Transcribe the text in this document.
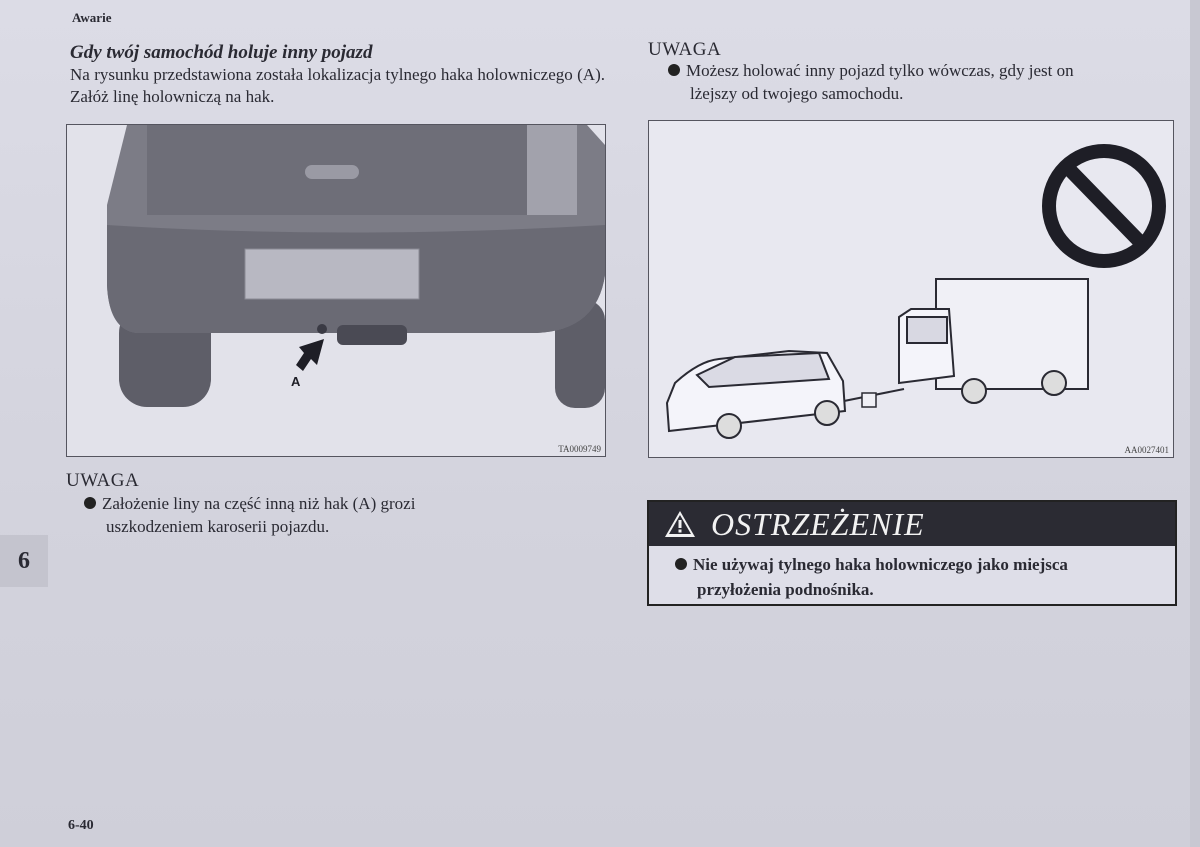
Awarie
Gdy twój samochód holuje inny pojazd
Na rysunku przedstawiona została lokalizacja tylnego haka holowniczego (A). Załóż linę holowniczą na hak.
A
TA0009749
UWAGA
Założenie liny na część inną niż hak (A) grozi
uszkodzeniem karoserii pojazdu.
UWAGA
Możesz holować inny pojazd tylko wówczas, gdy jest on
lżejszy od twojego samochodu.
AA0027401
OSTRZEŻENIE
Nie używaj tylnego haka holowniczego jako miejsca

przyłożenia podnośnika.
6
6-40
